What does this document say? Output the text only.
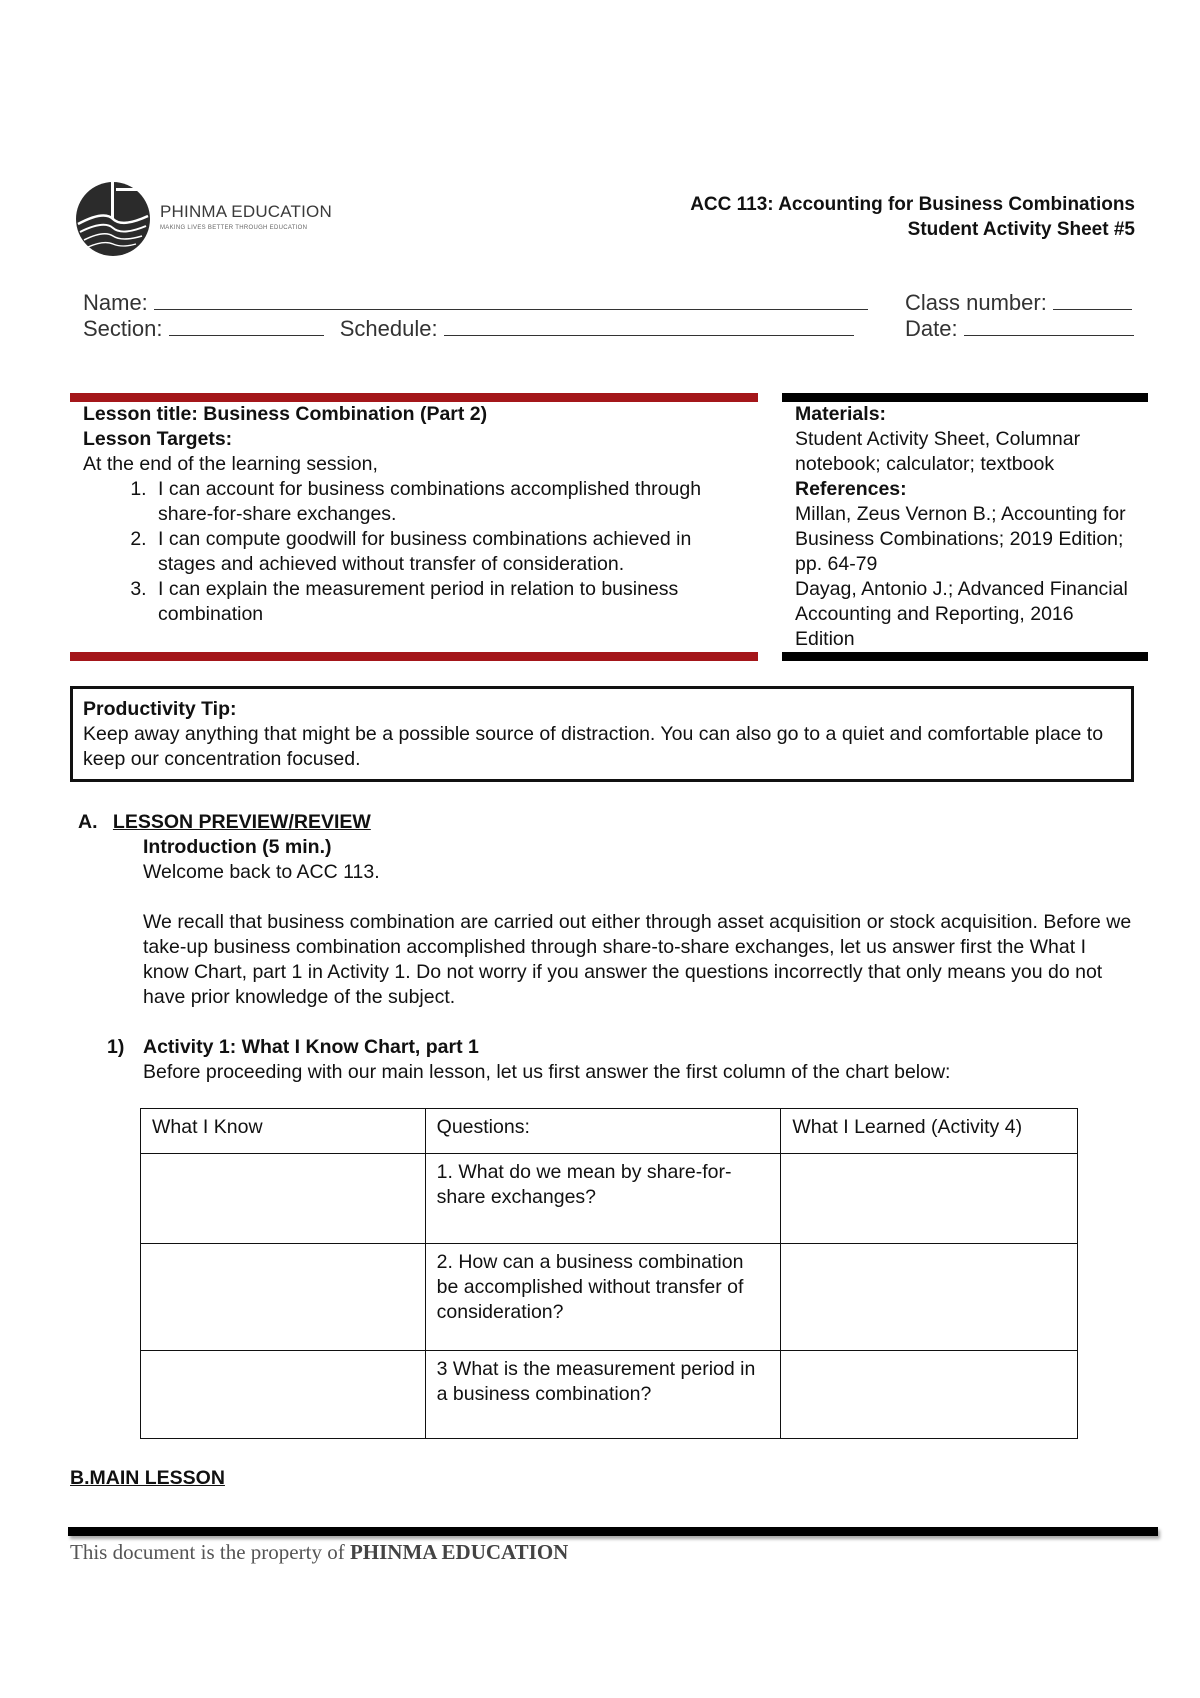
PHINMA EDUCATION
MAKING LIVES BETTER THROUGH EDUCATION
ACC 113: Accounting for Business Combinations
Student Activity Sheet #5
Name:	Class number:
Section:	Schedule:	Date:
Lesson title: Business Combination (Part 2)
Lesson Targets:
At the end of the learning session,
1. I can account for business combinations accomplished through share-for-share exchanges.
2. I can compute goodwill for business combinations achieved in stages and achieved without transfer of consideration.
3. I can explain the measurement period in relation to business combination
Materials:
Student Activity Sheet, Columnar notebook; calculator; textbook
References:
Millan, Zeus Vernon B.; Accounting for Business Combinations; 2019 Edition; pp. 64-79
Dayag, Antonio J.; Advanced Financial Accounting and Reporting, 2016 Edition
Productivity Tip:
Keep away anything that might be a possible source of distraction. You can also go to a quiet and comfortable place to keep our concentration focused.
A. LESSON PREVIEW/REVIEW
Introduction (5 min.)
Welcome back to ACC 113.
We recall that business combination are carried out either through asset acquisition or stock acquisition. Before we take-up business combination accomplished through share-to-share exchanges, let us answer first the What I know Chart, part 1 in Activity 1. Do not worry if you answer the questions incorrectly that only means you do not have prior knowledge of the subject.
1) Activity 1: What I Know Chart, part 1
Before proceeding with our main lesson, let us first answer the first column of the chart below:
What I Know	Questions:	What I Learned (Activity 4)
	1. What do we mean by share-for-share exchanges?	
	2. How can a business combination be accomplished without transfer of consideration?	
	3 What is the measurement period in a business combination?	
B.MAIN LESSON
This document is the property of PHINMA EDUCATION
